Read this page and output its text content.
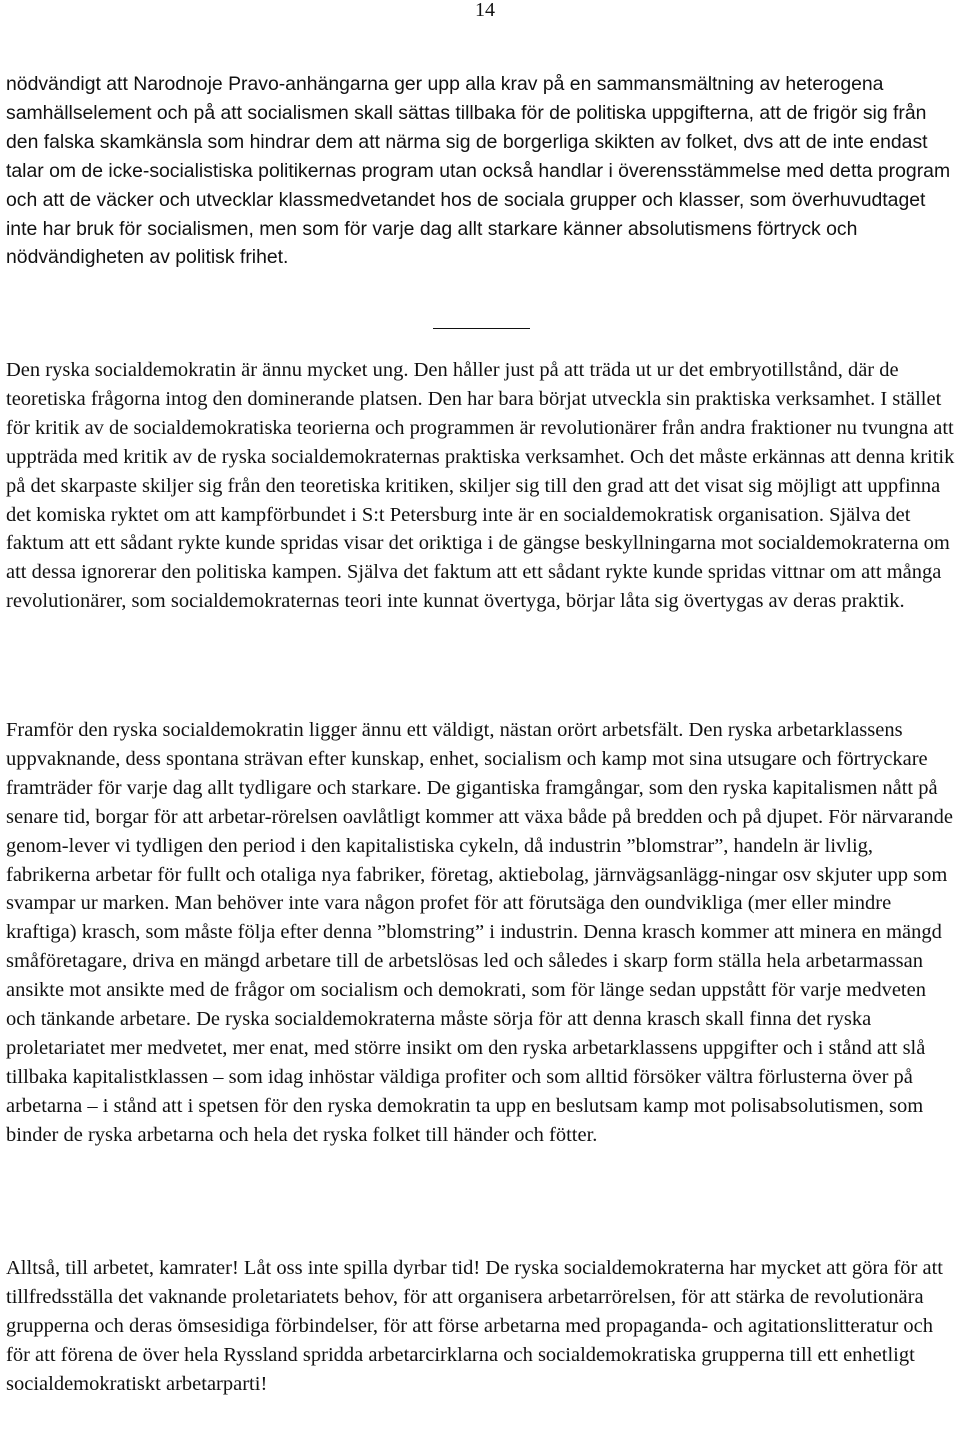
14

nödvändigt att Narodnoje Pravo-anhängarna ger upp alla krav på en sammansmältning av heterogena samhällselement och på att socialismen skall sättas tillbaka för de politiska uppgifterna, att de frigör sig från den falska skamkänsla som hindrar dem att närma sig de borgerliga skikten av folket, dvs att de inte endast talar om de icke-socialistiska politikernas program utan också handlar i överensstämmelse med detta program och att de väcker och utvecklar klassmedvetandet hos de sociala grupper och klasser, som överhuvudtaget inte har bruk för socialismen, men som för varje dag allt starkare känner absolutismens förtryck och nödvändigheten av politisk frihet.

Den ryska socialdemokratin är ännu mycket ung. Den håller just på att träda ut ur det embryotillstånd, där de teoretiska frågorna intog den dominerande platsen. Den har bara börjat utveckla sin praktiska verksamhet. I stället för kritik av de socialdemokratiska teorierna och programmen är revolutionärer från andra fraktioner nu tvungna att uppträda med kritik av de ryska socialdemokraternas praktiska verksamhet. Och det måste erkännas att denna kritik på det skarpaste skiljer sig från den teoretiska kritiken, skiljer sig till den grad att det visat sig möjligt att uppfinna det komiska ryktet om att kampförbundet i S:t Petersburg inte är en socialdemokratisk organisation. Själva det faktum att ett sådant rykte kunde spridas visar det oriktiga i de gängse beskyllningarna mot socialdemokraterna om att dessa ignorerar den politiska kampen. Själva det faktum att ett sådant rykte kunde spridas vittnar om att många revolutionärer, som socialdemokraternas teori inte kunnat övertyga, börjar låta sig övertygas av deras praktik.

Framför den ryska socialdemokratin ligger ännu ett väldigt, nästan orört arbetsfält. Den ryska arbetarklassens uppvaknande, dess spontana strävan efter kunskap, enhet, socialism och kamp mot sina utsugare och förtryckare framträder för varje dag allt tydligare och starkare. De gigantiska framgångar, som den ryska kapitalismen nått på senare tid, borgar för att arbetar-rörelsen oavlåtligt kommer att växa både på bredden och på djupet. För närvarande genom-lever vi tydligen den period i den kapitalistiska cykeln, då industrin ”blomstrar”, handeln är livlig, fabrikerna arbetar för fullt och otaliga nya fabriker, företag, aktiebolag, järnvägsanlägg-ningar osv skjuter upp som svampar ur marken. Man behöver inte vara någon profet för att förutsäga den oundvikliga (mer eller mindre kraftiga) krasch, som måste följa efter denna ”blomstring” i industrin. Denna krasch kommer att minera en mängd småföretagare, driva en mängd arbetare till de arbetslösas led och således i skarp form ställa hela arbetarmassan ansikte mot ansikte med de frågor om socialism och demokrati, som för länge sedan uppstått för varje medveten och tänkande arbetare. De ryska socialdemokraterna måste sörja för att denna krasch skall finna det ryska proletariatet mer medvetet, mer enat, med större insikt om den ryska arbetarklassens uppgifter och i stånd att slå tillbaka kapitalistklassen – som idag inhöstar väldiga profiter och som alltid försöker vältra förlusterna över på arbetarna – i stånd att i spetsen för den ryska demokratin ta upp en beslutsam kamp mot polisabsolutismen, som binder de ryska arbetarna och hela det ryska folket till händer och fötter.

Alltså, till arbetet, kamrater! Låt oss inte spilla dyrbar tid! De ryska socialdemokraterna har mycket att göra för att tillfredsställa det vaknande proletariatets behov, för att organisera arbetarrörelsen, för att stärka de revolutionära grupperna och deras ömsesidiga förbindelser, för att förse arbetarna med propaganda- och agitationslitteratur och för att förena de över hela Ryssland spridda arbetarcirklarna och socialdemokratiska grupperna till ett enhetligt socialdemokratiskt arbetarparti!
